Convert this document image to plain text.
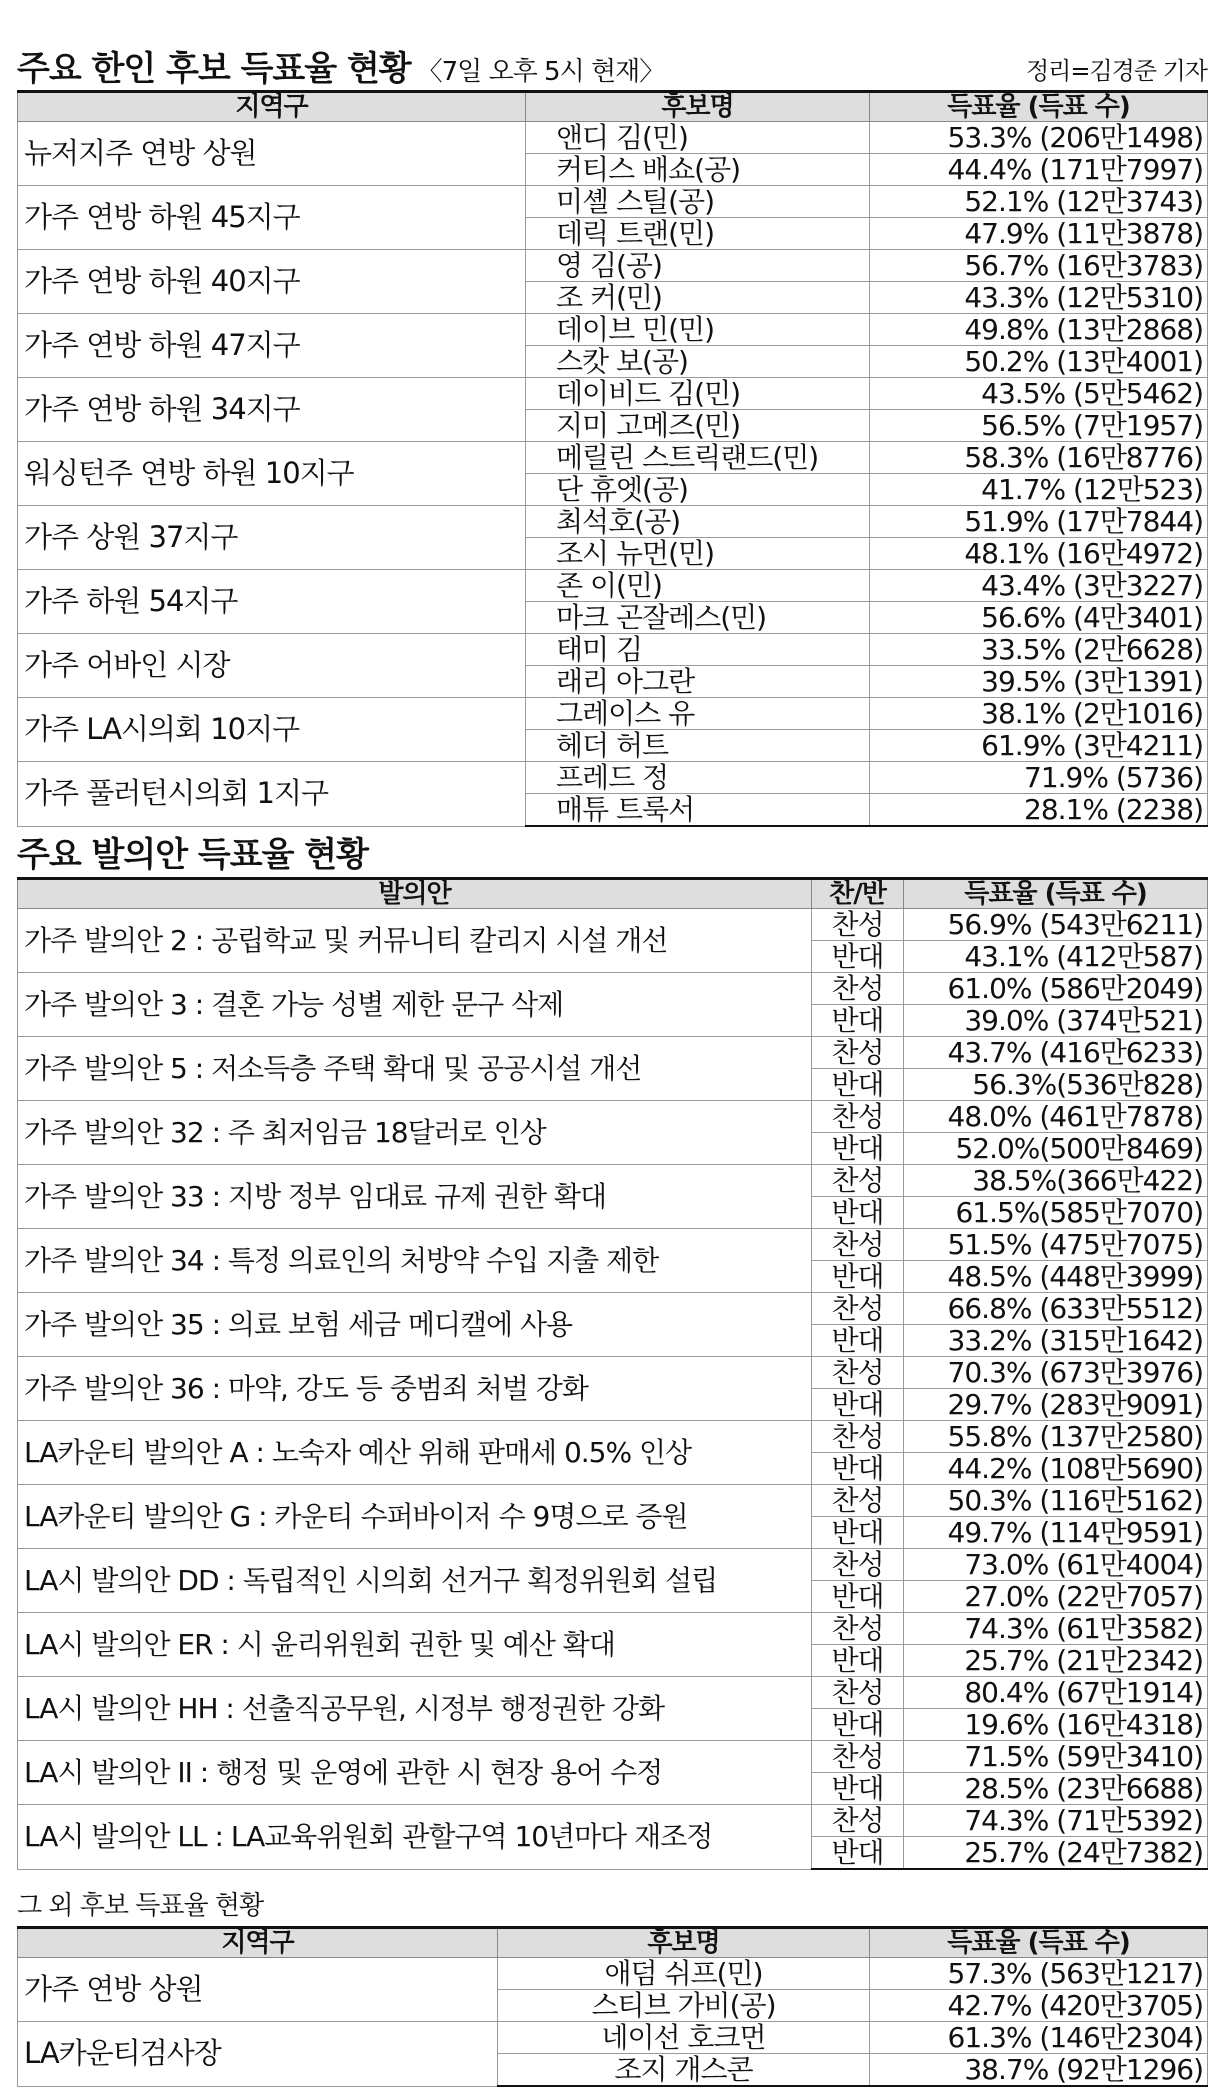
주요 한인 후보 득표율 현황 〈7일 오후 5시 현재〉	정리=김경준 기자
지역구	후보명	득표율 (득표 수)
뉴저지주 연방 상원	앤디 김(민)	53.3% (206만1498)
	커티스 배쇼(공)	44.4% (171만7997)
가주 연방 하원 45지구	미셸 스틸(공)	52.1% (12만3743)
	데릭 트랜(민)	47.9% (11만3878)
가주 연방 하원 40지구	영 김(공)	56.7% (16만3783)
	조 커(민)	43.3% (12만5310)
가주 연방 하원 47지구	데이브 민(민)	49.8% (13만2868)
	스캇 보(공)	50.2% (13만4001)
가주 연방 하원 34지구	데이비드 김(민)	43.5% (5만5462)
	지미 고메즈(민)	56.5% (7만1957)
워싱턴주 연방 하원 10지구	메릴린 스트릭랜드(민)	58.3% (16만8776)
	단 휴엣(공)	41.7% (12만523)
가주 상원 37지구	최석호(공)	51.9% (17만7844)
	조시 뉴먼(민)	48.1% (16만4972)
가주 하원 54지구	존 이(민)	43.4% (3만3227)
	마크 곤잘레스(민)	56.6% (4만3401)
가주 어바인 시장	태미 김	33.5% (2만6628)
	래리 아그란	39.5% (3만1391)
가주 LA시의회 10지구	그레이스 유	38.1% (2만1016)
	헤더 허트	61.9% (3만4211)
가주 풀러턴시의회 1지구	프레드 정	71.9% (5736)
	매튜 트룩서	28.1% (2238)
주요 발의안 득표율 현황
발의안	찬/반	득표율 (득표 수)
가주 발의안 2 : 공립학교 및 커뮤니티 칼리지 시설 개선	찬성	56.9% (543만6211)
	반대	43.1% (412만587)
가주 발의안 3 : 결혼 가능 성별 제한 문구 삭제	찬성	61.0% (586만2049)
	반대	39.0% (374만521)
가주 발의안 5 : 저소득층 주택 확대 및 공공시설 개선	찬성	43.7% (416만6233)
	반대	56.3%(536만828)
가주 발의안 32 : 주 최저임금 18달러로 인상	찬성	48.0% (461만7878)
	반대	52.0%(500만8469)
가주 발의안 33 : 지방 정부 임대료 규제 권한 확대	찬성	38.5%(366만422)
	반대	61.5%(585만7070)
가주 발의안 34 : 특정 의료인의 처방약 수입 지출 제한	찬성	51.5% (475만7075)
	반대	48.5% (448만3999)
가주 발의안 35 : 의료 보험 세금 메디캘에 사용	찬성	66.8% (633만5512)
	반대	33.2% (315만1642)
가주 발의안 36 : 마약, 강도 등 중범죄 처벌 강화	찬성	70.3% (673만3976)
	반대	29.7% (283만9091)
LA카운티 발의안 A : 노숙자 예산 위해 판매세 0.5% 인상	찬성	55.8% (137만2580)
	반대	44.2% (108만5690)
LA카운티 발의안 G : 카운티 수퍼바이저 수 9명으로 증원	찬성	50.3% (116만5162)
	반대	49.7% (114만9591)
LA시 발의안 DD : 독립적인 시의회 선거구 획정위원회 설립	찬성	73.0% (61만4004)
	반대	27.0% (22만7057)
LA시 발의안 ER : 시 윤리위원회 권한 및 예산 확대	찬성	74.3% (61만3582)
	반대	25.7% (21만2342)
LA시 발의안 HH : 선출직공무원, 시정부 행정권한 강화	찬성	80.4% (67만1914)
	반대	19.6% (16만4318)
LA시 발의안 II : 행정 및 운영에 관한 시 현장 용어 수정	찬성	71.5% (59만3410)
	반대	28.5% (23만6688)
LA시 발의안 LL : LA교육위원회 관할구역 10년마다 재조정	찬성	74.3% (71만5392)
	반대	25.7% (24만7382)
그 외 후보 득표율 현황
지역구	후보명	득표율 (득표 수)
가주 연방 상원	애덤 쉬프(민)	57.3% (563만1217)
	스티브 가비(공)	42.7% (420만3705)
LA카운티검사장	네이선 호크먼	61.3% (146만2304)
	조지 개스콘	38.7% (92만1296)
